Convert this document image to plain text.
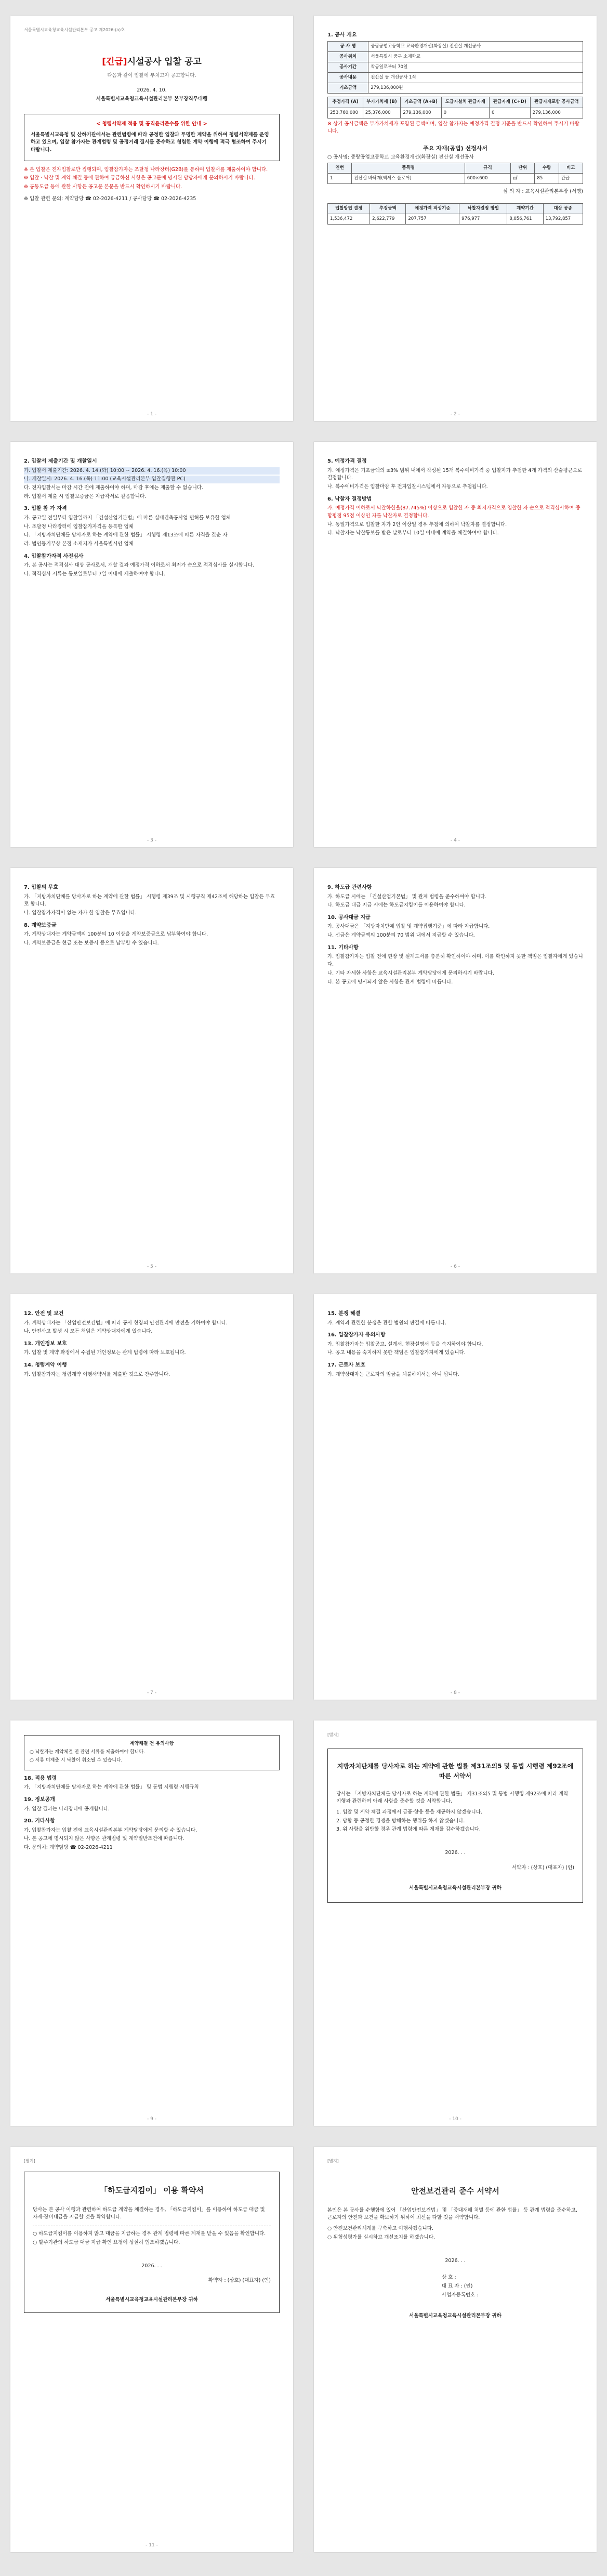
서울특별시교육청교육시설관리본부 공고 제2026-(a)호
[긴급]시설공사 입찰 공고

다음과 같이 입찰에 부치고자 공고합니다.

2026. 4. 10.

서울특별시교육청교육시설관리본부 본부장직무대행

< 청렴서약제 적용 및 공직윤리준수를 위한 안내 >

서울특별시교육청 및 산하기관에서는 관련법령에 따라 공정한 입찰과 투명한 계약을 위하여 청렴서약제를 운영하고 있으며, 입찰 참가자는 관계법령 및 공정거래 질서를 준수하고 청렴한 계약 이행에 적극 협조하여 주시기 바랍니다.

※ 본 입찰은 전자입찰로만 집행되며, 입찰참가자는 조달청 나라장터(G2B)를 통하여 입찰서를 제출하여야 합니다.

※ 입찰 · 낙찰 및 계약 체결 등에 관하여 궁금하신 사항은 공고문에 명시된 담당자에게 문의하시기 바랍니다.

※ 공동도급 등에 관한 사항은 공고문 본문을 반드시 확인하시기 바랍니다.

※ 입찰 관련 문의: 계약담당 ☎ 02-2026-4211 / 공사담당 ☎ 02-2026-4235

- 1 -
1. 공사 개요
공 사 명	중랑공업고등학교 교육환경개선(화장실) 전산실 개선공사
공사위치	서울특별시 중구 소재학교
공사기간	착공일로부터 70일
공사내용	전산실 등 개선공사 1식
기초금액	279,136,000원
추정가격 (A)	부가가치세 (B)	기초금액 (A+B)	도급자설치 관급자재	관급자재 (C+D)	관급자재포함 공사금액
253,760,000	25,376,000	279,136,000	0	0	279,136,000

※ 상기 공사금액은 부가가치세가 포함된 금액이며, 입찰 참가자는 예정가격 결정 기준을 반드시 확인하여 주시기 바랍니다.

주요 자재(공법) 선정사서

○ 공사명: 중랑공업고등학교 교육환경개선(화장실) 전산실 개선공사

연번	품목명	규격	단위	수량	비고
1	전산실 바닥재(액세스 플로어)	600×600	㎡	85	관급

심 의 자 : 교육시설관리본부장 (서명)

입찰방법 결정	추정금액	예정가격 작성기준	낙찰자결정 방법	계약기간	대상 공종
1,536,472	2,622,779	207,757	976,977	8,056,761	13,792,857
- 2 -
2. 입찰서 제출기간 및 개찰일시

가. 입찰서 제출기간: 2026. 4. 14.(화) 10:00 ~ 2026. 4. 16.(목) 10:00

나. 개찰일시: 2026. 4. 16.(목) 11:00 (교육시설관리본부 입찰집행관 PC)

다. 전자입찰서는 마감 시간 전에 제출하여야 하며, 마감 후에는 제출할 수 없습니다.

라. 입찰서 제출 시 입찰보증금은 지급각서로 갈음합니다.

3. 입찰 참 가 자격

가. 공고일 전일부터 입찰일까지 「건설산업기본법」에 따른 실내건축공사업 면허를 보유한 업체

나. 조달청 나라장터에 입찰참가자격을 등록한 업체

다. 「지방자치단체를 당사자로 하는 계약에 관한 법률」 시행령 제13조에 따른 자격을 갖춘 자

라. 법인등기부상 본점 소재지가 서울특별시인 업체

4. 입찰참가자격 사전심사

가. 본 공사는 적격심사 대상 공사로서, 개찰 결과 예정가격 이하로서 최저가 순으로 적격심사를 실시합니다.

나. 적격심사 서류는 통보일로부터 7일 이내에 제출하여야 합니다.

- 3 -
5. 예정가격 결정

가. 예정가격은 기초금액의 ±3% 범위 내에서 작성된 15개 복수예비가격 중 입찰자가 추첨한 4개 가격의 산술평균으로 결정합니다.

나. 복수예비가격은 입찰마감 후 전자입찰시스템에서 자동으로 추첨됩니다.

6. 낙찰자 결정방법

가. 예정가격 이하로서 낙찰하한율(87.745%) 이상으로 입찰한 자 중 최저가격으로 입찰한 자 순으로 적격심사하여 종합평점 95점 이상인 자를 낙찰자로 결정합니다.

나. 동일가격으로 입찰한 자가 2인 이상일 경우 추첨에 의하여 낙찰자를 결정합니다.

다. 낙찰자는 낙찰통보를 받은 날로부터 10일 이내에 계약을 체결하여야 합니다.

- 4 -
7. 입찰의 무효

가. 「지방자치단체를 당사자로 하는 계약에 관한 법률」 시행령 제39조 및 시행규칙 제42조에 해당하는 입찰은 무효로 합니다.

나. 입찰참가자격이 없는 자가 한 입찰은 무효입니다.

8. 계약보증금

가. 계약상대자는 계약금액의 100분의 10 이상을 계약보증금으로 납부하여야 합니다.

나. 계약보증금은 현금 또는 보증서 등으로 납부할 수 있습니다.

- 5 -
9. 하도급 관련사항

가. 하도급 시에는 「건설산업기본법」 및 관계 법령을 준수하여야 합니다.

나. 하도급 대금 지급 시에는 하도급지킴이를 이용하여야 합니다.

10. 공사대금 지급

가. 공사대금은 「지방자치단체 입찰 및 계약집행기준」에 따라 지급합니다.

나. 선금은 계약금액의 100분의 70 범위 내에서 지급할 수 있습니다.

11. 기타사항

가. 입찰참가자는 입찰 전에 현장 및 설계도서를 충분히 확인하여야 하며, 이를 확인하지 못한 책임은 입찰자에게 있습니다.

나. 기타 자세한 사항은 교육시설관리본부 계약담당에게 문의하시기 바랍니다.

다. 본 공고에 명시되지 않은 사항은 관계 법령에 따릅니다.

- 6 -
12. 안전 및 보건

가. 계약상대자는 「산업안전보건법」에 따라 공사 현장의 안전관리에 만전을 기하여야 합니다.

나. 안전사고 발생 시 모든 책임은 계약상대자에게 있습니다.

13. 개인정보 보호

가. 입찰 및 계약 과정에서 수집된 개인정보는 관계 법령에 따라 보호됩니다.

14. 청렴계약 이행

가. 입찰참가자는 청렴계약 이행서약서를 제출한 것으로 간주합니다.

- 7 -
15. 분쟁 해결

가. 계약과 관련한 분쟁은 관할 법원의 판결에 따릅니다.

16. 입찰참가자 유의사항

가. 입찰참가자는 입찰공고, 설계서, 현장설명서 등을 숙지하여야 합니다.

나. 공고 내용을 숙지하지 못한 책임은 입찰참가자에게 있습니다.

17. 근로자 보호

가. 계약상대자는 근로자의 임금을 체불하여서는 아니 됩니다.

- 8 -

계약체결 전 유의사항

○ 낙찰자는 계약체결 전 관련 서류를 제출하여야 합니다.

○ 서류 미제출 시 낙찰이 취소될 수 있습니다.

18. 적용 법령

가. 「지방자치단체를 당사자로 하는 계약에 관한 법률」 및 동법 시행령·시행규칙

19. 정보공개

가. 입찰 결과는 나라장터에 공개합니다.

20. 기타사항

가. 입찰참가자는 입찰 전에 교육시설관리본부 계약담당에게 문의할 수 있습니다.

나. 본 공고에 명시되지 않은 사항은 관계법령 및 계약일반조건에 따릅니다.

다. 문의처: 계약담당 ☎ 02-2026-4211

- 9 -
[별지]
지방자치단체를 당사자로 하는 계약에 관한 법률 제31조의5 및 동법 시행령 제92조에 따른 서약서

당사는 「지방자치단체를 당사자로 하는 계약에 관한 법률」 제31조의5 및 동법 시행령 제92조에 따라 계약 이행과 관련하여 아래 사항을 준수할 것을 서약합니다.

1. 입찰 및 계약 체결 과정에서 금품·향응 등을 제공하지 않겠습니다.

2. 담합 등 공정한 경쟁을 방해하는 행위를 하지 않겠습니다.

3. 위 사항을 위반할 경우 관계 법령에 따른 제재를 감수하겠습니다.

2026. . .

서약자 : (상호) (대표자) (인)

서울특별시교육청교육시설관리본부장 귀하

- 10 -
[별지]
「하도급지킴이」 이용 확약서

당사는 본 공사 이행과 관련하여 하도급 계약을 체결하는 경우, 「하도급지킴이」를 이용하여 하도급 대금 및 자재·장비대금을 지급할 것을 확약합니다.

○ 하도급지킴이를 이용하지 않고 대금을 지급하는 경우 관계 법령에 따른 제재를 받을 수 있음을 확인합니다.

○ 발주기관의 하도급 대금 지급 확인 요청에 성실히 협조하겠습니다.

2026. . .

확약자 : (상호) (대표자) (인)

서울특별시교육청교육시설관리본부장 귀하

- 11 -
[별지]
안전보건관리 준수 서약서

본인은 본 공사를 수행함에 있어 「산업안전보건법」 및 「중대재해 처벌 등에 관한 법률」 등 관계 법령을 준수하고, 근로자의 안전과 보건을 확보하기 위하여 최선을 다할 것을 서약합니다.

○ 안전보건관리체계를 구축하고 이행하겠습니다.

○ 위험성평가를 실시하고 개선조치를 하겠습니다.

2026. . .

상 호 :

대 표 자 : (인)

사업자등록번호 :

서울특별시교육청교육시설관리본부장 귀하
